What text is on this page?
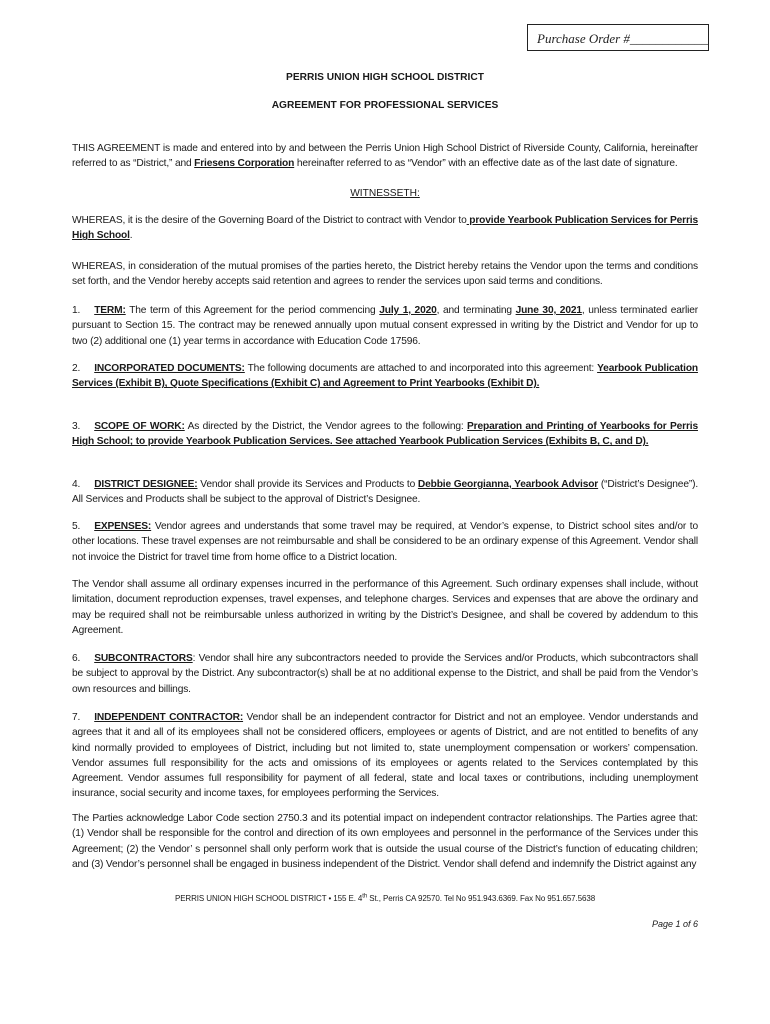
Purchase Order #____________
PERRIS UNION HIGH SCHOOL DISTRICT
AGREEMENT FOR PROFESSIONAL SERVICES
THIS AGREEMENT is made and entered into by and between the Perris Union High School District of Riverside County, California, hereinafter referred to as “District,” and Friesens Corporation hereinafter referred to as “Vendor” with an effective date as of the last date of signature.
WITNESSETH:
WHEREAS, it is the desire of the Governing Board of the District to contract with Vendor to provide Yearbook Publication Services for Perris High School.
WHEREAS, in consideration of the mutual promises of the parties hereto, the District hereby retains the Vendor upon the terms and conditions set forth, and the Vendor hereby accepts said retention and agrees to render the services upon said terms and conditions.
1. TERM: The term of this Agreement for the period commencing July 1, 2020, and terminating June 30, 2021, unless terminated earlier pursuant to Section 15. The contract may be renewed annually upon mutual consent expressed in writing by the District and Vendor for up to two (2) additional one (1) year terms in accordance with Education Code 17596.
2. INCORPORATED DOCUMENTS: The following documents are attached to and incorporated into this agreement: Yearbook Publication Services (Exhibit B), Quote Specifications (Exhibit C) and Agreement to Print Yearbooks (Exhibit D).
3. SCOPE OF WORK: As directed by the District, the Vendor agrees to the following: Preparation and Printing of Yearbooks for Perris High School; to provide Yearbook Publication Services. See attached Yearbook Publication Services (Exhibits B, C, and D).
4. DISTRICT DESIGNEE: Vendor shall provide its Services and Products to Debbie Georgianna, Yearbook Advisor (“District’s Designee”). All Services and Products shall be subject to the approval of District’s Designee.
5. EXPENSES: Vendor agrees and understands that some travel may be required, at Vendor’s expense, to District school sites and/or to other locations. These travel expenses are not reimbursable and shall be considered to be an ordinary expense of this Agreement. Vendor shall not invoice the District for travel time from home office to a District location.
The Vendor shall assume all ordinary expenses incurred in the performance of this Agreement. Such ordinary expenses shall include, without limitation, document reproduction expenses, travel expenses, and telephone charges. Services and expenses that are above the ordinary and may be required shall not be reimbursable unless authorized in writing by the District’s Designee, and shall be covered by addendum to this Agreement.
6. SUBCONTRACTORS: Vendor shall hire any subcontractors needed to provide the Services and/or Products, which subcontractors shall be subject to approval by the District. Any subcontractor(s) shall be at no additional expense to the District, and shall be paid from the Vendor’s own resources and billings.
7. INDEPENDENT CONTRACTOR: Vendor shall be an independent contractor for District and not an employee. Vendor understands and agrees that it and all of its employees shall not be considered officers, employees or agents of District, and are not entitled to benefits of any kind normally provided to employees of District, including but not limited to, state unemployment compensation or workers’ compensation. Vendor assumes full responsibility for the acts and omissions of its employees or agents related to the Services contemplated by this Agreement. Vendor assumes full responsibility for payment of all federal, state and local taxes or contributions, including unemployment insurance, social security and income taxes, for employees performing the Services.
The Parties acknowledge Labor Code section 2750.3 and its potential impact on independent contractor relationships. The Parties agree that: (1) Vendor shall be responsible for the control and direction of its own employees and personnel in the performance of the Services under this Agreement; (2) the Vendor’ s personnel shall only perform work that is outside the usual course of the District’s function of educating children; and (3) Vendor’s personnel shall be engaged in business independent of the District. Vendor shall defend and indemnify the District against any
PERRIS UNION HIGH SCHOOL DISTRICT • 155 E. 4th St., Perris CA 92570. Tel No 951.943.6369. Fax No 951.657.5638
Page 1 of 6
